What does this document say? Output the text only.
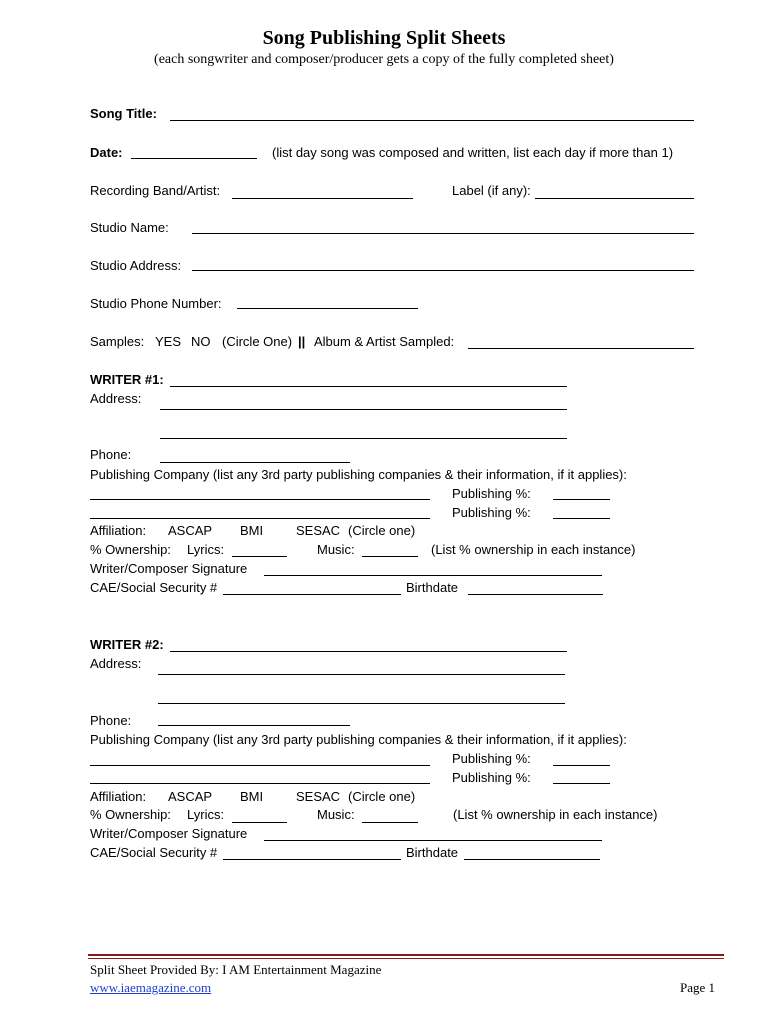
Song Publishing Split Sheets
(each songwriter and composer/producer gets a copy of the fully completed sheet)
Song Title:
Date:	(list day song was composed and written, list each day if more than 1)
Recording Band/Artist:	Label (if any):
Studio Name:
Studio Address:
Studio Phone Number:
Samples: YES NO (Circle One) || Album & Artist Sampled:
WRITER #1:
Address:
Phone:
Publishing Company (list any 3rd party publishing companies & their information, if it applies):
Publishing %:
Publishing %:
Affiliation: ASCAP BMI	SESAC (Circle one)
% Ownership: Lyrics:	Music:	(List % ownership in each instance)
Writer/Composer Signature
CAE/Social Security #	Birthdate
WRITER #2:
Address:
Phone:
Publishing Company (list any 3rd party publishing companies & their information, if it applies):
Publishing %:
Publishing %:
Affiliation: ASCAP BMI	SESAC (Circle one)
% Ownership: Lyrics:	Music:	(List % ownership in each instance)
Writer/Composer Signature
CAE/Social Security #	Birthdate
Split Sheet Provided By: I AM Entertainment Magazine
www.iaemagazine.com	Page 1
